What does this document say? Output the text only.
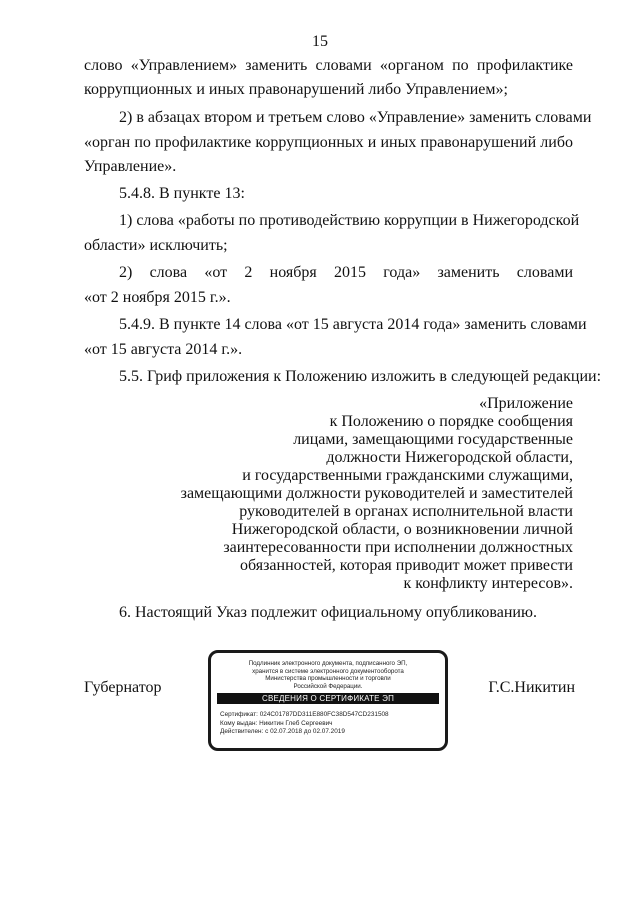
15
слово «Управлением» заменить словами «органом по профилактике
коррупционных и иных правонарушений либо Управлением»;
2) в абзацах втором и третьем слово «Управление» заменить словами
«орган по профилактике коррупционных и иных правонарушений либо
Управление».
5.4.8. В пункте 13:
1) слова «работы по противодействию коррупции в Нижегородской
области» исключить;
2) слова «от 2 ноября 2015 года» заменить словами
«от 2 ноября 2015 г.».
5.4.9. В пункте 14 слова «от 15 августа 2014 года» заменить словами
«от 15 августа 2014 г.».
5.5. Гриф приложения к Положению изложить в следующей редакции:
«Приложение
к Положению о порядке сообщения
лицами, замещающими государственные
должности Нижегородской области,
и государственными гражданскими служащими,
замещающими должности руководителей и заместителей
руководителей в органах исполнительной власти
Нижегородской области, о возникновении личной
заинтересованности при исполнении должностных
обязанностей, которая приводит может привести
к конфликту интересов».
6. Настоящий Указ подлежит официальному опубликованию.
Губернатор
Подлинник электронного документа, подписанного ЭП,
хранится в системе электронного документооборота
Министерства промышленности и торговли
Российской Федерации.
СВЕДЕНИЯ О СЕРТИФИКАТЕ ЭП
Сертификат: 024C01787DD311E880FC38D547CD231508
Кому выдан: Никитин Глеб Сергеевич
Действителен: с 02.07.2018 до 02.07.2019
Г.С.Никитин
